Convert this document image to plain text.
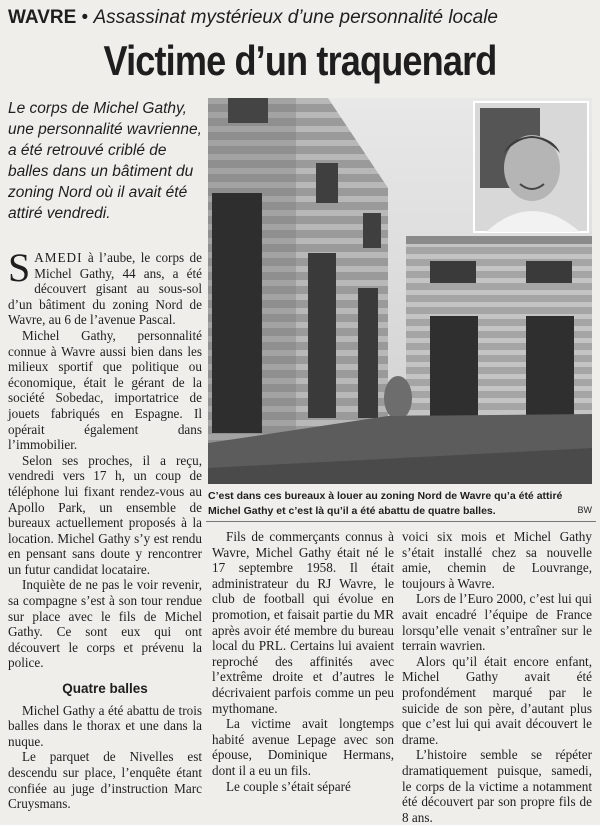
WAVRE • Assassinat mystérieux d’une personnalité locale
Victime d’un traquenard
Le corps de Michel Gathy, une personnalité wavrienne, a été retrouvé criblé de balles dans un bâtiment du zoning Nord où il avait été attiré vendredi.
C’est dans ces bureaux à louer au zoning Nord de Wavre qu’a été attiré Michel Gathy et c’est là qu’il a été abattu de quatre balles.	BW

SAMEDI à l’aube, le corps de Michel Gathy, 44 ans, a été découvert gisant au sous-sol d’un bâtiment du zoning Nord de Wavre, au 6 de l’avenue Pascal.

Michel Gathy, personnalité connue à Wavre aussi bien dans les milieux sportif que politique ou économique, était le gérant de la société Sobedac, importatrice de jouets fabriqués en Espagne. Il opérait également dans l’immobilier.

Selon ses proches, il a reçu, vendredi vers 17 h, un coup de téléphone lui fixant rendez-vous au Apollo Park, un ensemble de bureaux actuellement proposés à la location. Michel Gathy s’y est rendu en pensant sans doute y rencontrer un futur candidat locataire.

Inquiète de ne pas le voir revenir, sa compagne s’est à son tour rendue sur place avec le fils de Michel Gathy. Ce sont eux qui ont découvert le corps et prévenu la police.

Quatre balles

Michel Gathy a été abattu de trois balles dans le thorax et une dans la nuque.

Le parquet de Nivelles est descendu sur place, l’enquête étant confiée au juge d’instruction Marc Cruysmans.

Fils de commerçants connus à Wavre, Michel Gathy était né le 17 septembre 1958. Il était administrateur du RJ Wavre, le club de football qui évolue en promotion, et faisait partie du MR après avoir été membre du bureau local du PRL. Certains lui avaient reproché des affinités avec l’extrême droite et d’autres le décrivaient parfois comme un peu mythomane.

La victime avait longtemps habité avenue Lepage avec son épouse, Dominique Hermans, dont il a eu un fils.

Le couple s’était séparé

voici six mois et Michel Gathy s’était installé chez sa nouvelle amie, chemin de Louvrange, toujours à Wavre.

Lors de l’Euro 2000, c’est lui qui avait encadré l’équipe de France lorsqu’elle venait s’entraîner sur le terrain wavrien.

Alors qu’il était encore enfant, Michel Gathy avait été profondément marqué par le suicide de son père, d’autant plus que c’est lui qui avait découvert le drame.

L’histoire semble se répéter dramatiquement puisque, samedi, le corps de la victime a notamment été découvert par son propre fils de 8 ans.
